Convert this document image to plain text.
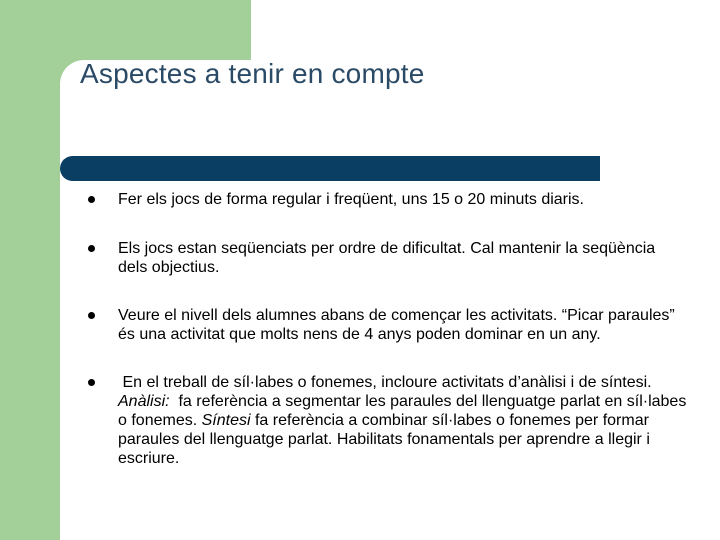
Aspectes a tenir en compte
Fer els jocs de forma regular i freqüent, uns 15 o 20 minuts diaris.
Els jocs estan seqüenciats per ordre de dificultat. Cal mantenir la seqüència dels objectius.
Veure el nivell dels alumnes abans de començar les activitats. “Picar paraules” és una activitat que molts nens de 4 anys poden dominar en un any.
En el treball de síl·labes o fonemes, incloure activitats d’anàlisi i de síntesi.  Anàlisi:  fa referència a segmentar les paraules del llenguatge parlat en síl·labes o fonemes. Síntesi fa referència a combinar síl·labes o fonemes per formar paraules del llenguatge parlat. Habilitats fonamentals per aprendre a llegir i escriure.
